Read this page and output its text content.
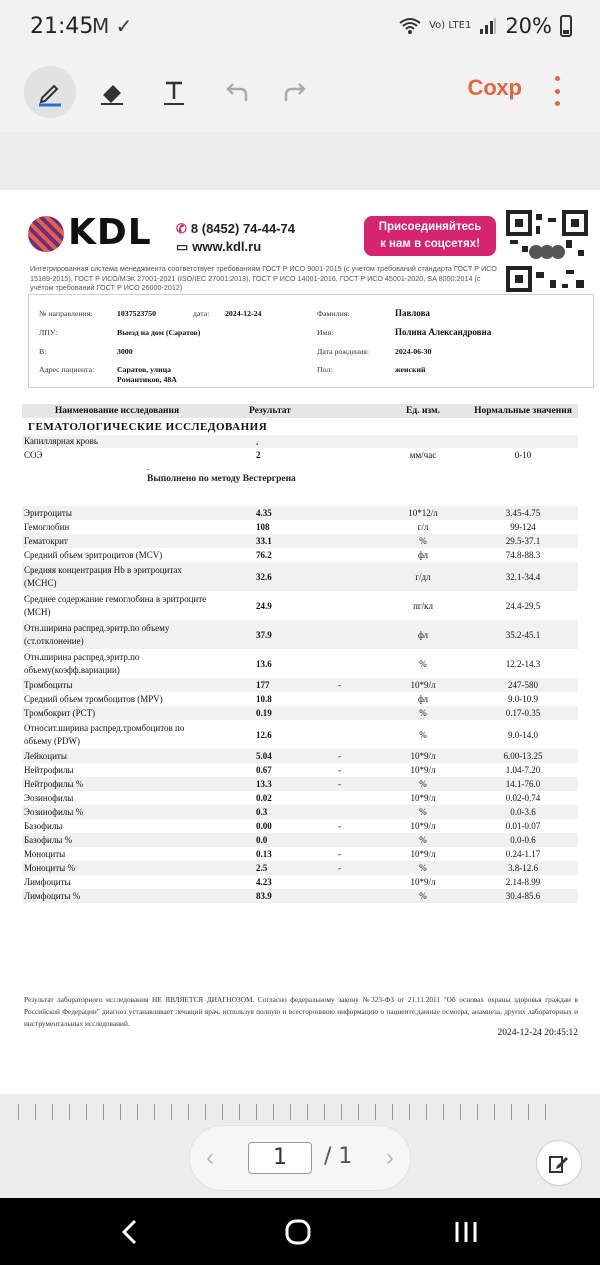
21:45
M ✓	Vo) LTE1 20%
Сохр
KDL ✆ 8 (8452) 74-44-74
▭ www.kdl.ru
Присоединяйтесь
к нам в соцсетях!
Интегрированная система менеджмента соответствует требованиям ГОСТ Р ИСО 9001-2015 (с учетом требований стандарта ГОСТ Р ИСО 15189-2015), ГОСТ Р ИСО/МЭК 27001-2021 (ISO/IEC 27001:2013), ГОСТ Р ИСО 14001-2016, ГОСТ Р ИСО 45001-2020, SA 8000:2014 (с учётом требований ГОСТ Р ИСО 26000-2012)
№ направления:	1037523750	дата: 2024-12-24
ЛПУ:	Выезд на дом (Саратов)
В:	3000
Адрес пациента:	Саратов, улица
Романтиков, 48А
Фамилия:	Павлова
Имя:	Полина Александровна
Дата рождения:	2024-06-30
Пол:	женский
Наименование исследования	Результат	Ед. изм.	Нормальные значения
ГЕМАТОЛОГИЧЕСКИЕ ИССЛЕДОВАНИЯ
Капиллярная кровь	.
СОЭ	2	мм/час	0-10
.
Выполнено по методу Вестергрена
Эритроциты	4.35	10*12/л	3.45-4.75
Гемоглобин	108	г/л	99-124
Гематокрит	33.1	%	29.5-37.1
Средний объем эритроцитов (MCV)	76.2	фл	74.8-88.3
Средняя концентрация Hb в эритроцитах (MCHC)
32.6	г/дл	32.1-34.4
Среднее содержание гемоглобина в эритроците (MCH)
24.9	пг/кл	24.4-29.5
Отн.ширина распред.эритр.по объему (ст.отклонение)
37.9	фл	35.2-45.1
Отн.ширина распред.эритр.по объему(коэфф.вариации)
13.6	%	12.2-14.3
Тромбоциты	177	-	10*9/л	247-580
Средний объем тромбоцитов (MPV)	10.8	фл	9.0-10.9
Тромбокрит (PCT)	0.19	%	0.17-0.35
Относит.ширина распред.тромбоцитов по объему (PDW)
12.6	%	9.0-14.0
Лейкоциты	5.04	-	10*9/л	6.00-13.25
Нейтрофилы	0.67	-	10*9/л	1.04-7.20
Нейтрофилы %	13.3	-	%	14.1-76.0
Эозинофилы	0.02	10*9/л	0.02-0.74
Эозинофилы %	0.3	%	0.0-3.6
Базофилы	0.00	-	10*9/л	0.01-0.07
Базофилы %	0.0	%	0.0-0.6
Моноциты	0.13	-	10*9/л	0.24-1.17
Моноциты %	2.5	-	%	3.8-12.6
Лимфоциты	4.23	10*9/л	2.14-8.99
Лимфоциты %	83.9	%	30.4-85.6
Результат лабораторного исследования НЕ ЯВЛЯЕТСЯ ДИАГНОЗОМ. Согласно федеральному закону №323-ФЗ от 21.11.2011 "Об основах охраны здоровья граждан в Российской Федерации" диагноз устанавливает лечащий врач, используя полную и всестороннюю информацию о пациенте:данные осмотра, анамнеза, других лабораторных и инструментальных исследований.
2024-12-24 20:45:12
‹	1	/ 1 ›
